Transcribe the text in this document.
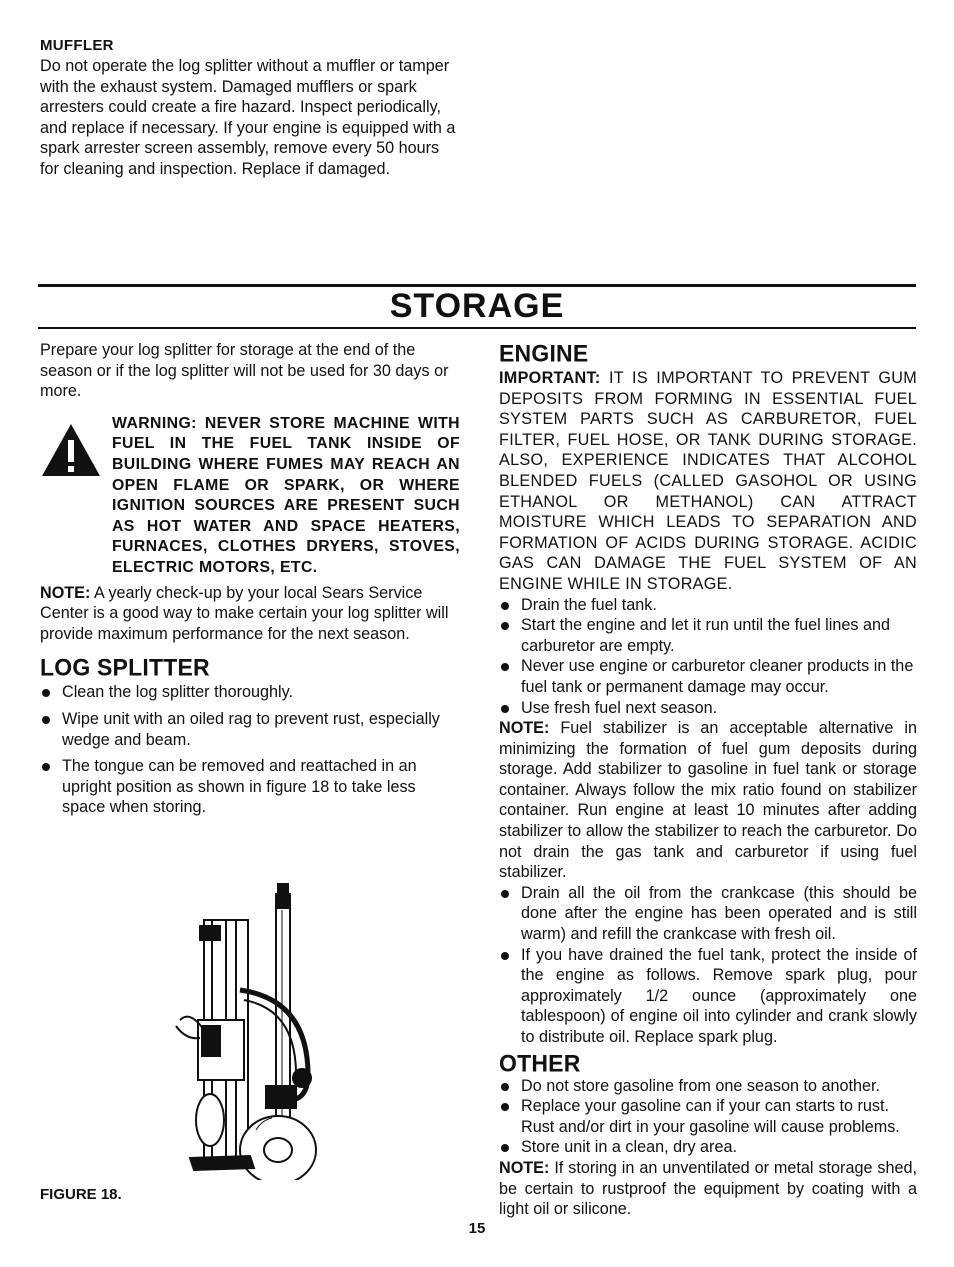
MUFFLER

Do not operate the log splitter without a muffler or tamper with the exhaust system. Damaged mufflers or spark arresters could create a fire hazard. Inspect periodically, and replace if necessary. If your engine is equipped with a spark arrester screen assembly, remove every 50 hours for cleaning and inspection. Replace if damaged.

STORAGE

Prepare your log splitter for storage at the end of the season or if the log splitter will not be used for 30 days or more.

WARNING: NEVER STORE MACHINE WITH FUEL IN THE FUEL TANK INSIDE OF BUILDING WHERE FUMES MAY REACH AN OPEN FLAME OR SPARK, OR WHERE IGNITION SOURCES ARE PRESENT SUCH AS HOT WATER AND SPACE HEATERS, FURNACES, CLOTHES DRYERS, STOVES, ELECTRIC MOTORS, ETC.

NOTE: A yearly check-up by your local Sears Service Center is a good way to make certain your log splitter will provide maximum performance for the next season.

LOG SPLITTER
Clean the log splitter thoroughly.
Wipe unit with an oiled rag to prevent rust, especially wedge and beam.
The tongue can be removed and reattached in an upright position as shown in figure 18 to take less space when storing.
FIGURE 18.
ENGINE

IMPORTANT: IT IS IMPORTANT TO PREVENT GUM DEPOSITS FROM FORMING IN ESSENTIAL FUEL SYSTEM PARTS SUCH AS CARBURETOR, FUEL FILTER, FUEL HOSE, OR TANK DURING STORAGE. ALSO, EXPERIENCE INDICATES THAT ALCOHOL BLENDED FUELS (CALLED GASOHOL OR USING ETHANOL OR METHANOL) CAN ATTRACT MOISTURE WHICH LEADS TO SEPARATION AND FORMATION OF ACIDS DURING STORAGE. ACIDIC GAS CAN DAMAGE THE FUEL SYSTEM OF AN ENGINE WHILE IN STORAGE.

Drain the fuel tank.
Start the engine and let it run until the fuel lines and carburetor are empty.
Never use engine or carburetor cleaner products in the fuel tank or permanent damage may occur.
Use fresh fuel next season.

NOTE: Fuel stabilizer is an acceptable alternative in minimizing the formation of fuel gum deposits during storage. Add stabilizer to gasoline in fuel tank or storage container. Always follow the mix ratio found on stabilizer container. Run engine at least 10 minutes after adding stabilizer to allow the stabilizer to reach the carburetor. Do not drain the gas tank and carburetor if using fuel stabilizer.

Drain all the oil from the crankcase (this should be done after the engine has been operated and is still warm) and refill the crankcase with fresh oil.
If you have drained the fuel tank, protect the inside of the engine as follows. Remove spark plug, pour approximately 1/2 ounce (approximately one tablespoon) of engine oil into cylinder and crank slowly to distribute oil. Replace spark plug.
OTHER
Do not store gasoline from one season to another.
Replace your gasoline can if your can starts to rust. Rust and/or dirt in your gasoline will cause problems.
Store unit in a clean, dry area.

NOTE: If storing in an unventilated or metal storage shed, be certain to rustproof the equipment by coating with a light oil or silicone.

15
